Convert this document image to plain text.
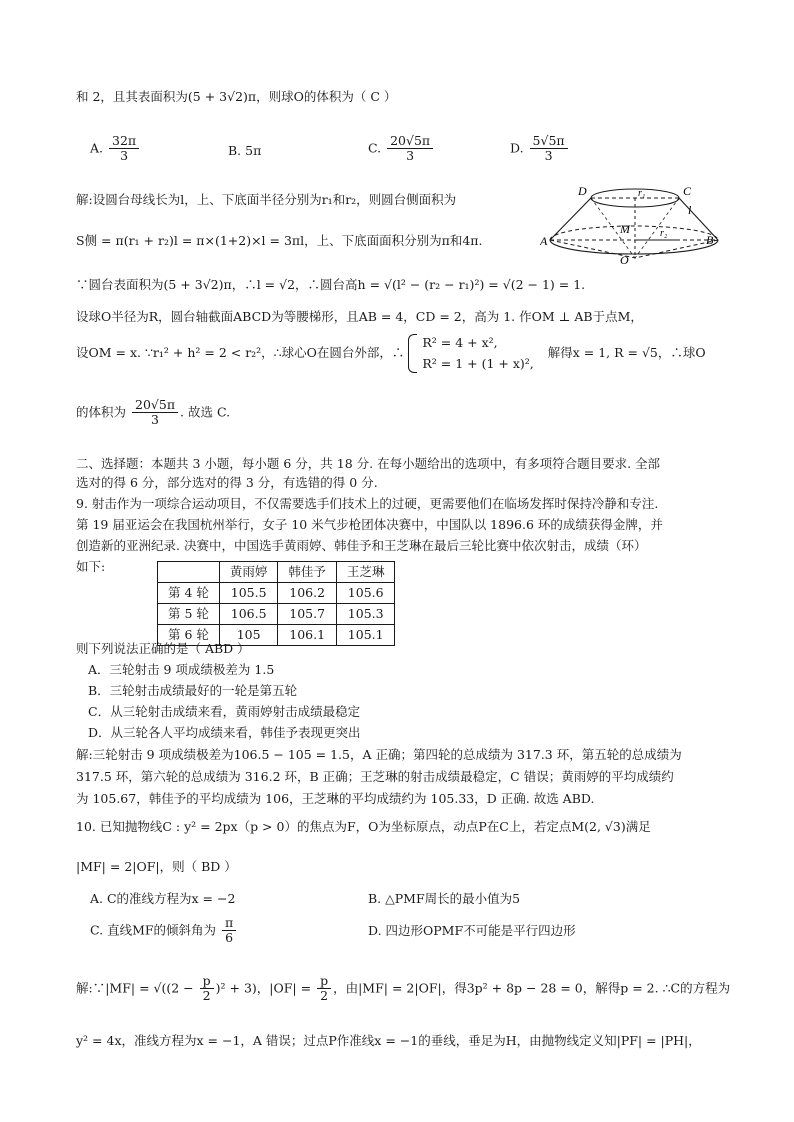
和 2，且其表面积为(5 + 3√2)π，则球O的体积为（ C ）
A. $\frac{32\pi}{3}$	B. 5π	C. $\frac{20√5\pi}{3}$	D. $\frac{5√5\pi}{3}$
解:设圆台母线长为l，上、下底面半径分别为r₁和r₂，则圆台侧面积为
S侧 = π(r₁ + r₂)l = π×(1+2)×l = 3πl，上、下底面面积分别为π和4π.
∵圆台表面积为(5 + 3√2)π，∴l = √2，∴圆台高h = √(l² − (r₂ − r₁)²) = √(2 − 1) = 1.
设球O半径为R，圆台轴截面ABCD为等腰梯形，且AB = 4，CD = 2，高为 1. 作OM ⊥ AB于点M，
设OM = x. ∵r₁² + h² = 2 < r₂²，∴球心O在圆台外部，∴
R² = 4 + x²,
R² = 1 + (1 + x)²,
解得x = 1, R = √5，∴球O
的体积为 $\frac{20√5\pi}{3}$ . 故选 C.
D	C
r₁
l
M	r₂
A
O
B
二、选择题：本题共 3 小题，每小题 6 分，共 18 分. 在每小题给出的选项中，有多项符合题目要求. 全部
选对的得 6 分，部分选对的得 3 分，有选错的得 0 分.
9. 射击作为一项综合运动项目，不仅需要选手们技术上的过硬，更需要他们在临场发挥时保持冷静和专注.
第 19 届亚运会在我国杭州举行，女子 10 米气步枪团体决赛中，中国队以 1896.6 环的成绩获得金牌，并
创造新的亚洲纪录. 决赛中，中国选手黄雨婷、韩佳予和王芝琳在最后三轮比赛中依次射击，成绩（环）
如下:
		黄雨婷	韩佳予	王芝琳
第 4 轮	105.5	106.2	105.6
第 5 轮	106.5	105.7	105.3
第 6 轮	105	106.1	105.1
则下列说法正确的是（ ABD ）
A．三轮射击 9 项成绩极差为 1.5
B．三轮射击成绩最好的一轮是第五轮
C．从三轮射击成绩来看，黄雨婷射击成绩最稳定
D．从三轮各人平均成绩来看，韩佳予表现更突出
解:三轮射击 9 项成绩极差为106.5 − 105 = 1.5，A 正确；第四轮的总成绩为 317.3 环，第五轮的总成绩为
317.5 环，第六轮的总成绩为 316.2 环，B 正确；王芝琳的射击成绩最稳定，C 错误；黄雨婷的平均成绩约
为 105.67，韩佳予的平均成绩为 106，王芝琳的平均成绩约为 105.33，D 正确. 故选 ABD.
10. 已知抛物线C : y² = 2px（p > 0）的焦点为F，O为坐标原点，动点P在C上，若定点M(2, √3)满足
|MF| = 2|OF|，则（ BD ）
A. C的准线方程为x = −2	B. △PMF周长的最小值为5
C. 直线MF的倾斜角为 $\frac{\pi}{6}$	D. 四边形OPMF不可能是平行四边形
解:∵|MF| = $√((2 - \frac{p}{2} )^2 + 3)$，$|OF| = \frac{p}{2}$ ，由|MF| = 2|OF|，得3p² + 8p − 28 = 0，解得p = 2. ∴C的方程为
y² = 4x，准线方程为x = −1，A 错误；过点P作准线x = −1的垂线，垂足为H，由抛物线定义知|PF| = |PH|，
